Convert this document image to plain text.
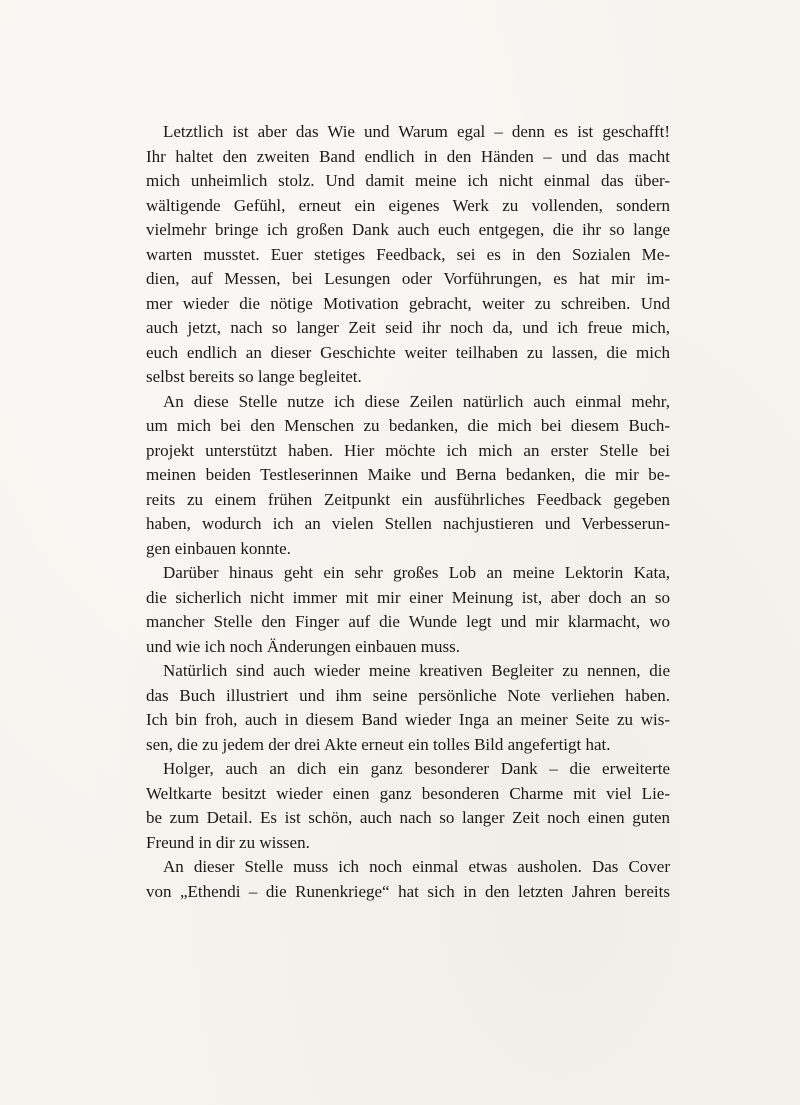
Letztlich ist aber das Wie und Warum egal – denn es ist geschafft!
Ihr haltet den zweiten Band endlich in den Händen – und das macht
mich unheimlich stolz. Und damit meine ich nicht einmal das über-
wältigende Gefühl, erneut ein eigenes Werk zu vollenden, sondern
vielmehr bringe ich großen Dank auch euch entgegen, die ihr so lange
warten musstet. Euer stetiges Feedback, sei es in den Sozialen Me-
dien, auf Messen, bei Lesungen oder Vorführungen, es hat mir im-
mer wieder die nötige Motivation gebracht, weiter zu schreiben. Und
auch jetzt, nach so langer Zeit seid ihr noch da, und ich freue mich,
euch endlich an dieser Geschichte weiter teilhaben zu lassen, die mich
selbst bereits so lange begleitet.
An diese Stelle nutze ich diese Zeilen natürlich auch einmal mehr,
um mich bei den Menschen zu bedanken, die mich bei diesem Buch-
projekt unterstützt haben. Hier möchte ich mich an erster Stelle bei
meinen beiden Testleserinnen Maike und Berna bedanken, die mir be-
reits zu einem frühen Zeitpunkt ein ausführliches Feedback gegeben
haben, wodurch ich an vielen Stellen nachjustieren und Verbesserun-
gen einbauen konnte.
Darüber hinaus geht ein sehr großes Lob an meine Lektorin Kata,
die sicherlich nicht immer mit mir einer Meinung ist, aber doch an so
mancher Stelle den Finger auf die Wunde legt und mir klarmacht, wo
und wie ich noch Änderungen einbauen muss.
Natürlich sind auch wieder meine kreativen Begleiter zu nennen, die
das Buch illustriert und ihm seine persönliche Note verliehen haben.
Ich bin froh, auch in diesem Band wieder Inga an meiner Seite zu wis-
sen, die zu jedem der drei Akte erneut ein tolles Bild angefertigt hat.
Holger, auch an dich ein ganz besonderer Dank – die erweiterte
Weltkarte besitzt wieder einen ganz besonderen Charme mit viel Lie-
be zum Detail. Es ist schön, auch nach so langer Zeit noch einen guten
Freund in dir zu wissen.
An dieser Stelle muss ich noch einmal etwas ausholen. Das Cover
von „Ethendi – die Runenkriege“ hat sich in den letzten Jahren bereits
